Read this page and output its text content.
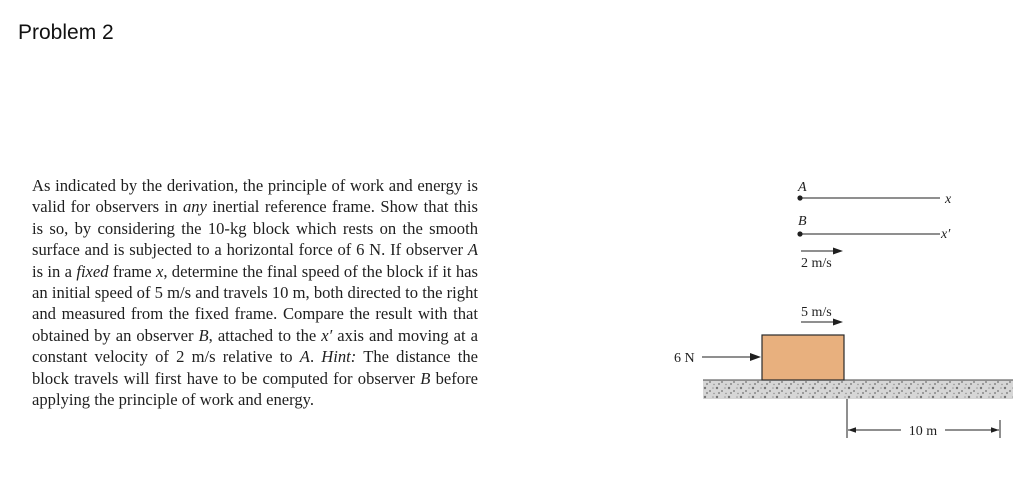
Problem 2

As indicated by the derivation, the principle of work and energy is valid for observers in any inertial reference frame. Show that this is so, by considering the 10-kg block which rests on the smooth surface and is subjected to a horizontal force of 6 N. If observer A is in a fixed frame x, determine the final speed of the block if it has an initial speed of 5 m/s and travels 10 m, both directed to the right and measured from the fixed frame. Compare the result with that obtained by an observer B, attached to the x′ axis and moving at a constant velocity of 2 m/s relative to A. Hint: The distance the block travels will first have to be computed for observer B before applying the principle of work and energy.

A
x
B
x′
2 m/s
5 m/s
6 N
10 m
